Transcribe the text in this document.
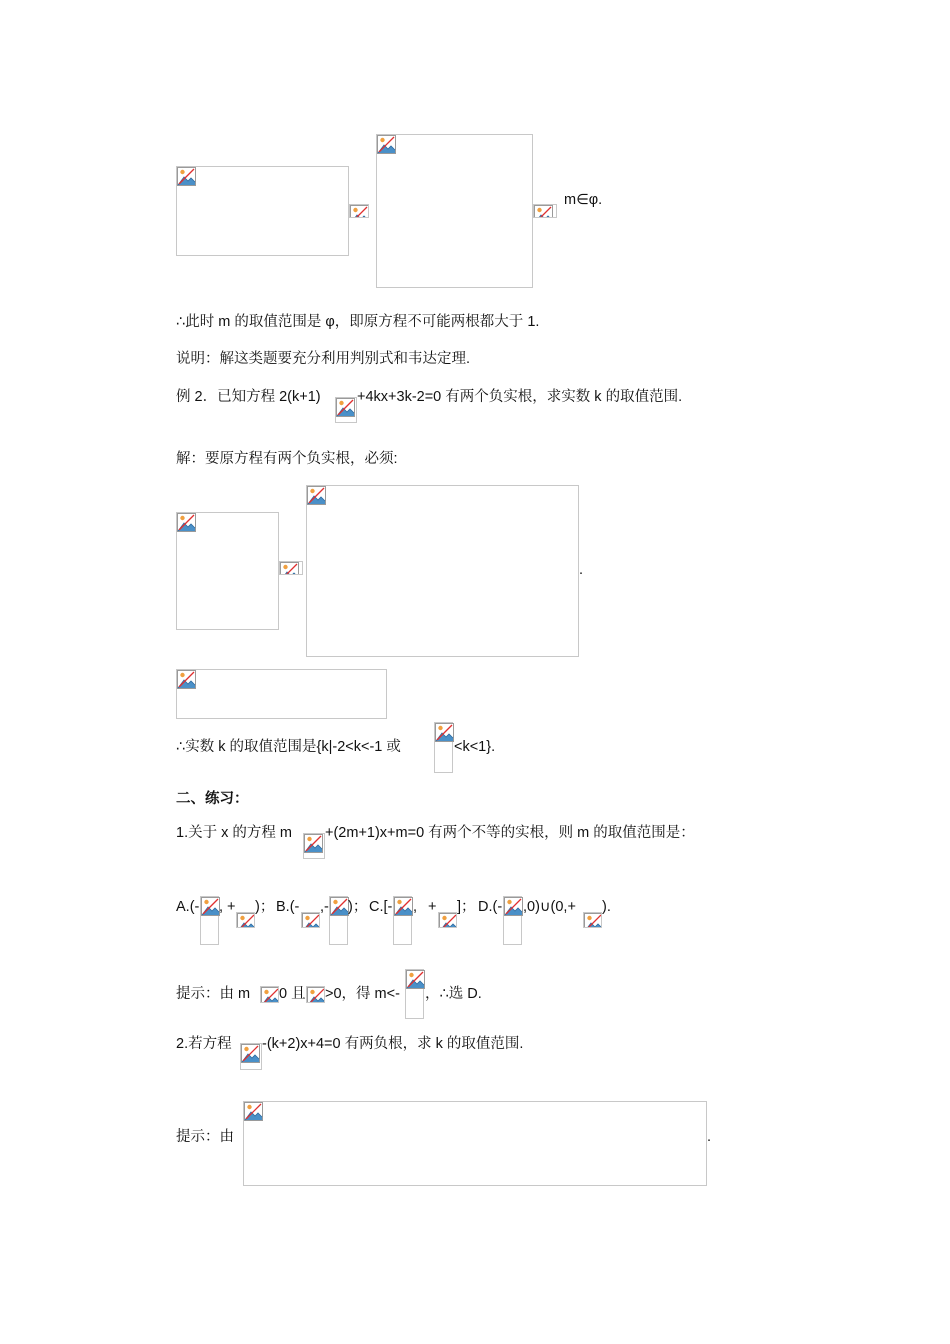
m∈φ.
∴此时 m 的取值范围是 φ，即原方程不可能两根都大于 1.
说明：解这类题要充分利用判别式和韦达定理.
例 2．已知方程 2(k+1)	+4kx+3k-2=0 有两个负实根，求实数 k 的取值范围.
解：要原方程有两个负实根，必须:
.
∴实数 k 的取值范围是{k|-2<k<-1 或	<k<1}.
二、练习：
1.关于 x 的方程 m +(2m+1)x+m=0 有两个不等的实根，则 m 的取值范围是：
A.(- , + )； B.(- ,- )； C.[- , + ]； D.(- ,0)∪(0,+ ).
提示：由 m 0 且 >0，得 m<- ，∴选 D.
2.若方程 -(k+2)x+4=0 有两负根，求 k 的取值范围.
提示：由	.
